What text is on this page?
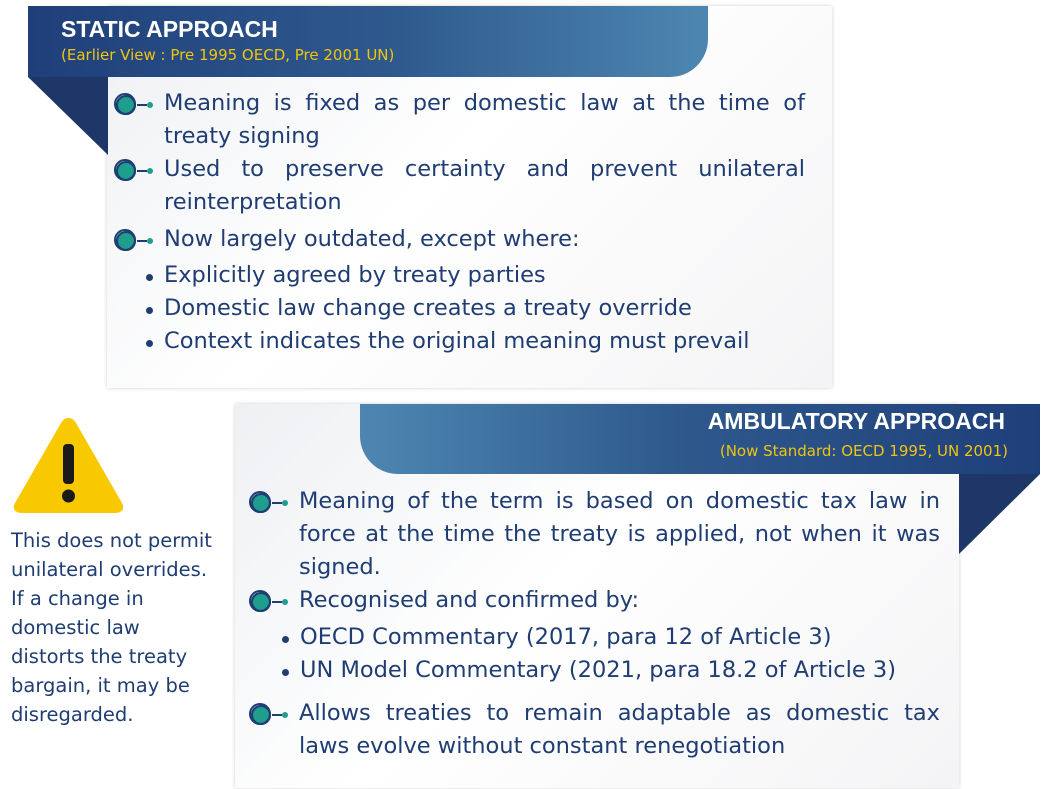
STATIC APPROACH
(Earlier View : Pre 1995 OECD, Pre 2001 UN)
Meaning is fixed as per domestic law at the time of treaty signing
Used to preserve certainty and prevent unilateral reinterpretation
Now largely outdated, except where:
Explicitly agreed by treaty parties
Domestic law change creates a treaty override
Context indicates the original meaning must prevail
AMBULATORY APPROACH
(Now Standard: OECD 1995, UN 2001)
Meaning of the term is based on domestic tax law in force at the time the treaty is applied, not when it was signed.
Recognised and confirmed by:
Allows treaties to remain adaptable as domestic tax laws evolve without constant renegotiation
OECD Commentary (2017, para 12 of Article 3)
UN Model Commentary (2021, para 18.2 of Article 3)
This does not permit unilateral overrides. If a change in domestic law distorts the treaty bargain, it may be disregarded.
